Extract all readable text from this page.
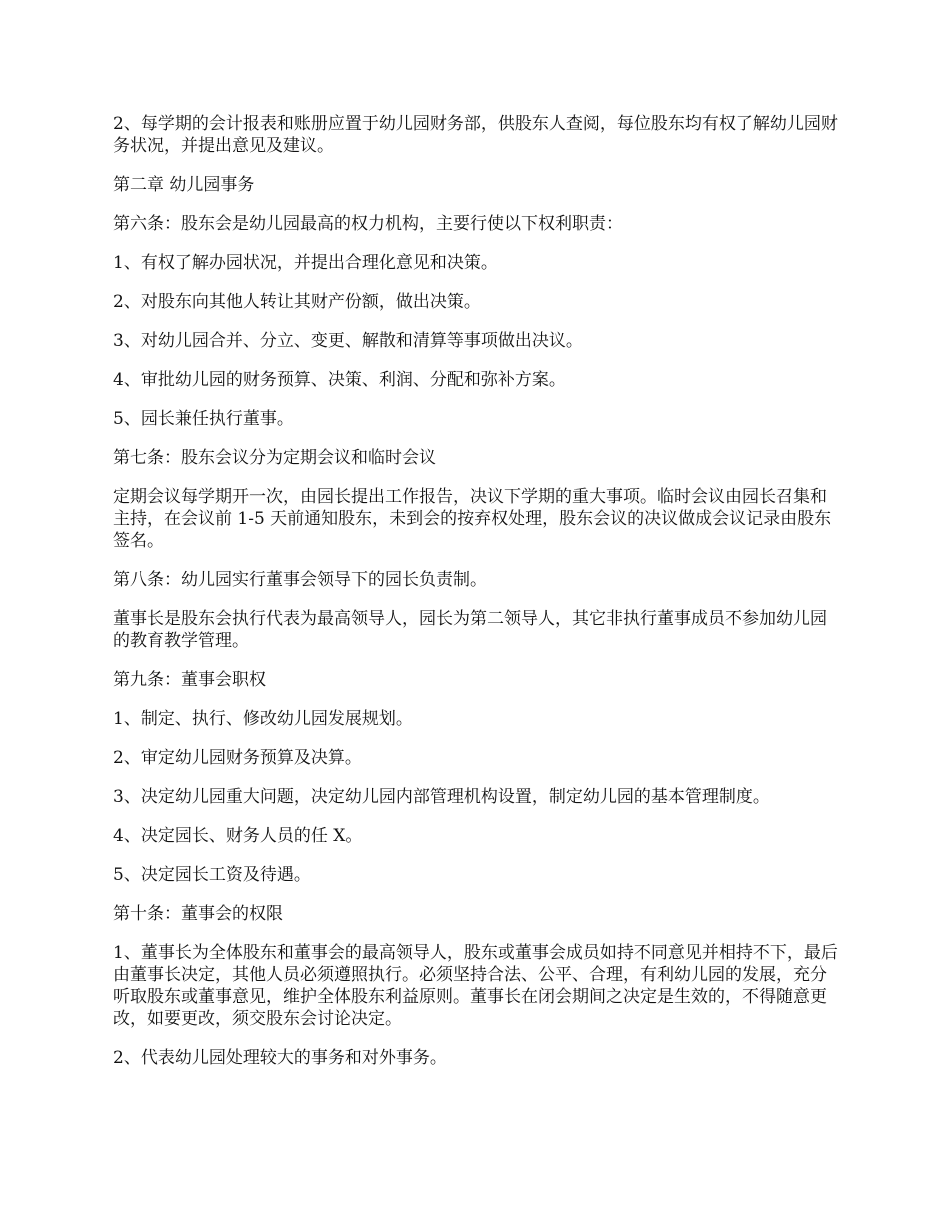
2、每学期的会计报表和账册应置于幼儿园财务部，供股东人查阅，每位股东均有权了解幼儿园财务状况，并提出意见及建议。

第二章 幼儿园事务

第六条：股东会是幼儿园最高的权力机构，主要行使以下权利职责：

1、有权了解办园状况，并提出合理化意见和决策。

2、对股东向其他人转让其财产份额，做出决策。

3、对幼儿园合并、分立、变更、解散和清算等事项做出决议。

4、审批幼儿园的财务预算、决策、利润、分配和弥补方案。

5、园长兼任执行董事。

第七条：股东会议分为定期会议和临时会议

定期会议每学期开一次，由园长提出工作报告，决议下学期的重大事项。临时会议由园长召集和主持，在会议前 1-5 天前通知股东，未到会的按弃权处理，股东会议的决议做成会议记录由股东签名。

第八条：幼儿园实行董事会领导下的园长负责制。

董事长是股东会执行代表为最高领导人，园长为第二领导人，其它非执行董事成员不参加幼儿园的教育教学管理。

第九条：董事会职权

1、制定、执行、修改幼儿园发展规划。

2、审定幼儿园财务预算及决算。

3、决定幼儿园重大问题，决定幼儿园内部管理机构设置，制定幼儿园的基本管理制度。

4、决定园长、财务人员的任 X。

5、决定园长工资及待遇。

第十条：董事会的权限

1、董事长为全体股东和董事会的最高领导人，股东或董事会成员如持不同意见并相持不下，最后由董事长决定，其他人员必须遵照执行。必须坚持合法、公平、合理，有利幼儿园的发展，充分听取股东或董事意见，维护全体股东利益原则。董事长在闭会期间之决定是生效的，不得随意更改，如要更改，须交股东会讨论决定。

2、代表幼儿园处理较大的事务和对外事务。
